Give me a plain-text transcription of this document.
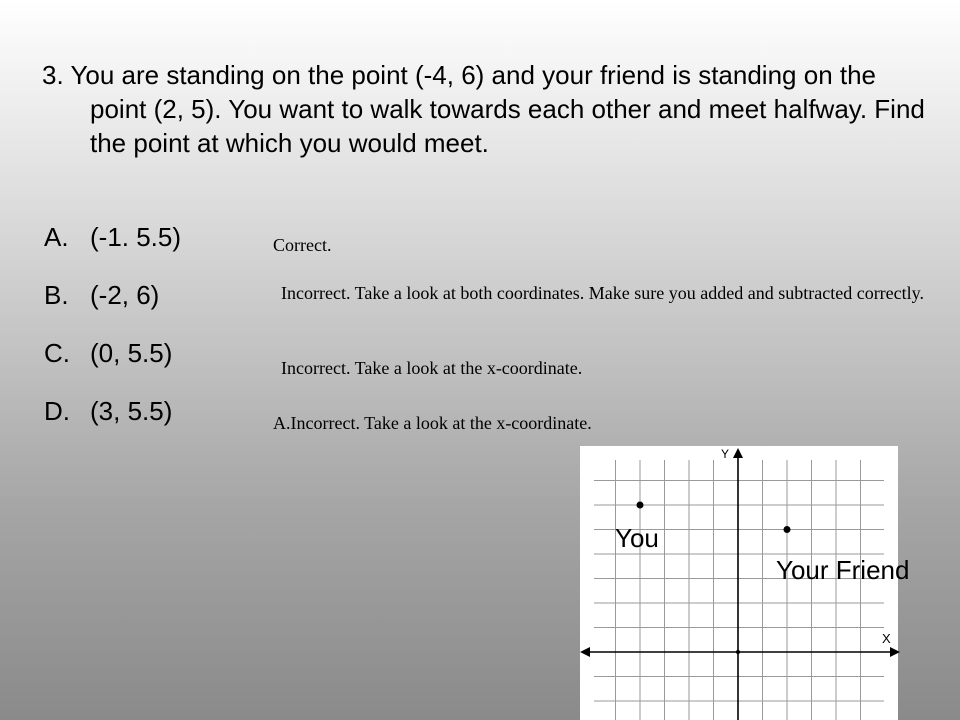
3. You are standing on the point (-4, 6) and your friend is standing on the point (2, 5). You want to walk towards each other and meet halfway. Find the point at which you would meet.

A. (-1. 5.5)
B. (-2, 6)
C. (0, 5.5)
D. (3, 5.5)

Correct.

Incorrect. Take a look at both coordinates. Make sure you added and subtracted correctly.

Incorrect. Take a look at the x-coordinate.

A.Incorrect. Take a look at the x-coordinate.

Y
X
You
Your Friend
